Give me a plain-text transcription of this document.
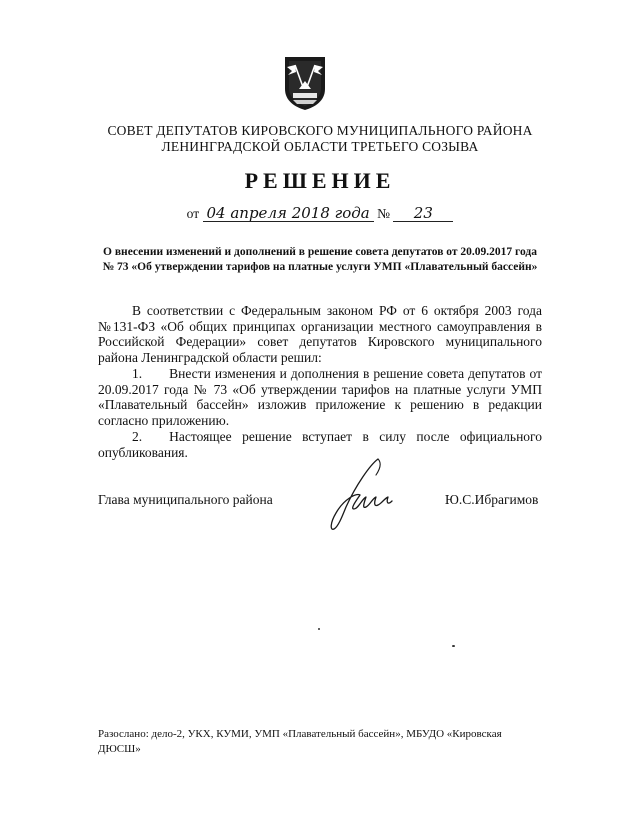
СОВЕТ ДЕПУТАТОВ КИРОВСКОГО МУНИЦИПАЛЬНОГО РАЙОНА
ЛЕНИНГРАДСКОЙ ОБЛАСТИ ТРЕТЬЕГО СОЗЫВА
РЕШЕНИЕ
от 04 апреля 2018 года № 23
О внесении изменений и дополнений в решение совета депутатов от 20.09.2017 года № 73 «Об утверждении тарифов на платные услуги УМП «Плавательный бассейн»
В соответствии с Федеральным законом РФ от 6 октября 2003 года №131-ФЗ «Об общих принципах организации местного самоуправления в Российской Федерации» совет депутатов Кировского муниципального района Ленинградской области решил:
1.  Внести изменения и дополнения в решение совета депутатов от 20.09.2017 года № 73 «Об утверждении тарифов на платные услуги УМП «Плавательный бассейн» изложив приложение к решению в редакции согласно приложению.
2.  Настоящее решение вступает в силу после официального опубликования.
Глава муниципального района	Ю.С.Ибрагимов
Разослано: дело-2, УКХ, КУМИ, УМП «Плавательный бассейн», МБУДО «Кировская ДЮСШ»
